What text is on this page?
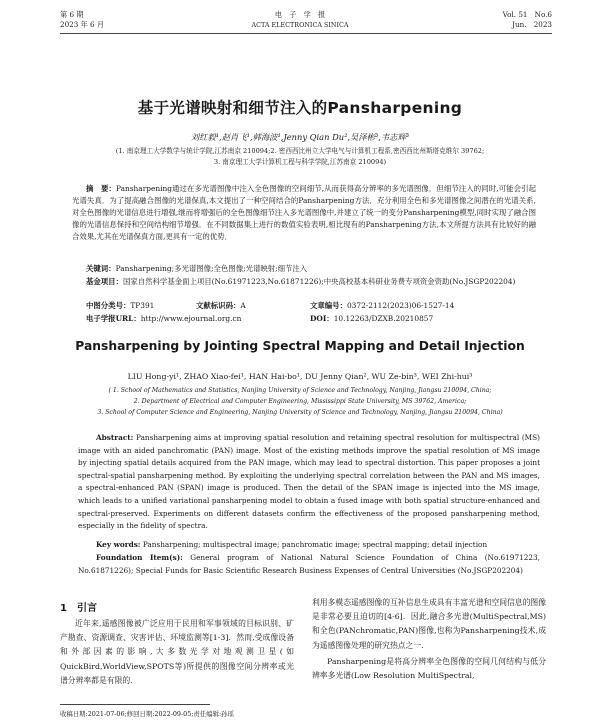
第 6 期
2023 年 6 月
电　子　学　报
ACTA ELECTRONICA SINICA
Vol. 51　No.6
Jun.　2023
基于光谱映射和细节注入的Pansharpening
刘红毅¹,赵肖飞¹,韩海波¹,Jenny Qian Du²,吴泽彬³,韦志辉³
(1. 南京理工大学数学与统计学院,江苏南京 210094;2. 密西西比州立大学电气与计算机工程系,密西西比州斯塔克维尔 39762;
3. 南京理工大学计算机工程与科学学院,江苏南京 210094)
摘　要：Pansharpening通过在多光谱图像中注入全色图像的空间细节,从而获得高分辨率的多光谱图像．但细节注入的同时,可能会引起光谱失真．为了提高融合图像的光谱保真,本文提出了一种空间结合的Pansharpening方法．充分利用全色和多光谱图像之间潜在的光谱关系,对全色图像的光谱信息进行增强,继而将增强后的全色图像细节注入多光谱图像中,并建立了统一的变分Pansharpening模型,同时实现了融合图像的光谱信息保持和空间结构细节增强．在不同数据集上进行的数值实验表明,相比现有的Pansharpening方法,本文所提方法具有比较好的融合效果,尤其在光谱保真方面,更具有一定的优势．
关键词：Pansharpening;多光谱图像;全色图像;光谱映射;细节注入
基金项目：国家自然科学基金面上项目(No.61971223,No.61871226);中央高校基本科研业务费专项资金资助(No.JSGP202204)
中图分类号：TP391	文献标识码：A	文章编号：0372-2112(2023)06-1527-14
电子学报URL：http://www.ejournal.org.cn	DOI：10.12263/DZXB.20210857
Pansharpening by Jointing Spectral Mapping and Detail Injection
LIU Hong-yi¹, ZHAO Xiao-fei¹, HAN Hai-bo¹, DU Jenny Qian², WU Ze-bin³, WEI Zhi-hui³
( 1. School of Mathematics and Statistics, Nanjing University of Science and Technology, Nanjing, Jiangsu 210094, China;
2. Department of Electrical and Computer Engineering, Mississippi State University, MS 39762, America;
3. School of Computer Science and Engineering, Nanjing University of Science and Technology, Nanjing, Jiangsu 210094, China)
Abstract: Pansharpening aims at improving spatial resolution and retaining spectral resolution for multispectral (MS) image with an aided panchromatic (PAN) image. Most of the existing methods improve the spatial resolution of MS image by injecting spatial details acquired from the PAN image, which may lead to spectral distortion. This paper proposes a joint spectral-spatial pansharpening method. By exploiting the underlying spectral correlation between the PAN and MS images, a spectral-enhanced PAN (SPAN) image is produced. Then the detail of the SPAN image is injected into the MS image, which leads to a unified variational pansharpening model to obtain a fused image with both spatial structure-enhanced and spectral-preserved. Experiments on different datasets confirm the effectiveness of the proposed pansharpening method, especially in the fidelity of spectra.
Key words: Pansharpening; multispectral image; panchromatic image; spectral mapping; detail injection
Foundation Item(s): General program of National Natural Science Foundation of China (No.61971223, No.61871226); Special Funds for Basic Scientific Research Business Expenses of Central Universities (No.JSGP202204)
1　引言
近年来,遥感图像被广泛应用于民用和军事领域的目标识别、矿产勘查、资源调查、灾害评估、环境监测等[1-3]．然而,受成像设备和外部因素的影响,大多数光学对地观测卫星(如QuickBird,WorldView,SPOTS等)所提供的图像空间分辨率或光谱分辨率都是有限的．
利用多模态遥感图像的互补信息生成具有丰富光谱和空间信息的图像是非常必要且迫切的[4-6]．因此,融合多光谱(MultiSpectral,MS)和全色(PANchromatic,PAN)图像,也称为Pansharpening技术,成为遥感图像处理的研究热点之一．
Pansharpening是将高分辨率全色图像的空间几何结构与低分辨率多光谱(Low Resolution MultiSpectral,
收稿日期:2021-07-06;修回日期:2022-09-05;责任编辑:孙瑶
